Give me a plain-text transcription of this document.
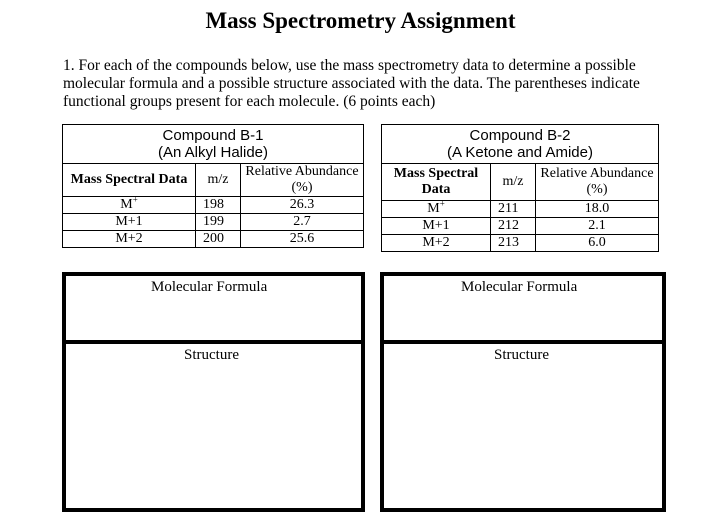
Mass Spectrometry Assignment
1. For each of the compounds below, use the mass spectrometry data to determine a possible molecular formula and a possible structure associated with the data. The parentheses indicate functional groups present for each molecule. (6 points each)
Compound B-1
(An Alkyl Halide)		

Mass Spectral Data	m/z	Relative Abundance (%)
M+	198	26.3
M+1	199	2.7
M+2	200	25.6
Compound B-2
(A Ketone and Amide)		

Mass Spectral Data	m/z	Relative Abundance (%)
M+	211	18.0
M+1	212	2.1
M+2	213	6.0
Molecular Formula
Structure
Molecular Formula
Structure
